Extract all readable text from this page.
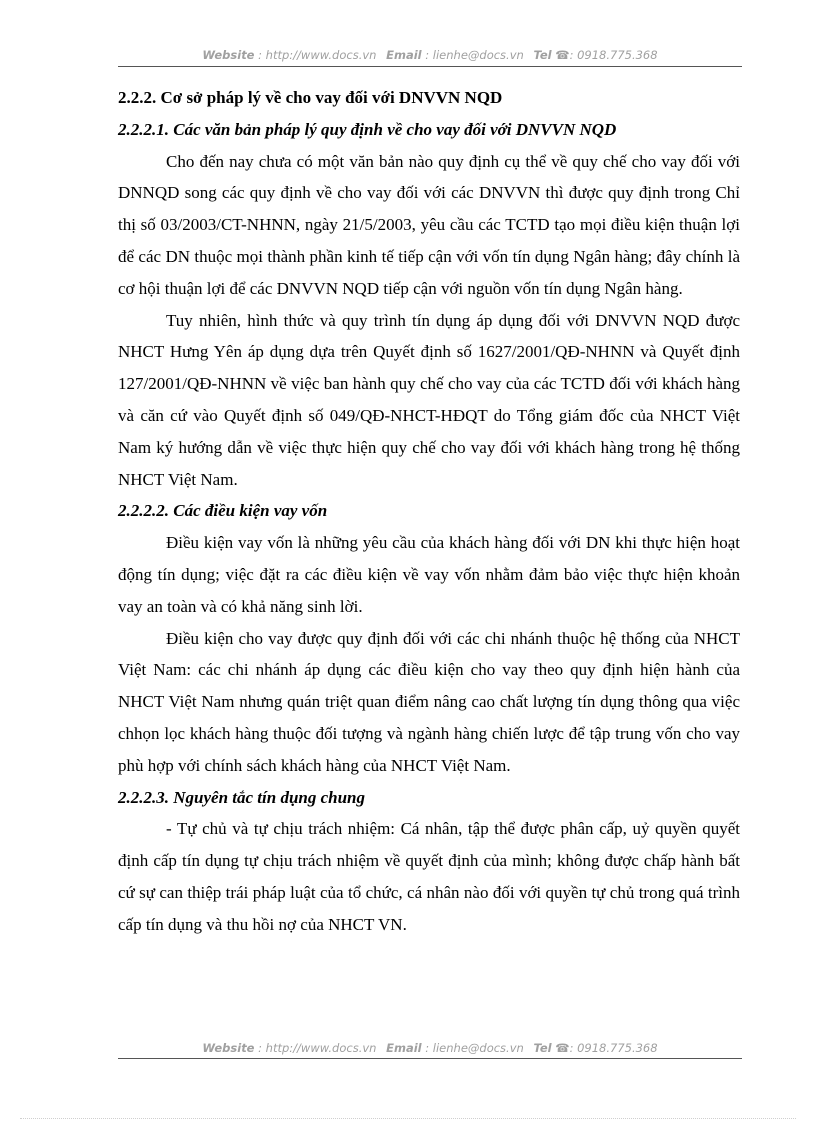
Website : http://www.docs.vn Email : lienhe@docs.vn Tel ☎: 0918.775.368
2.2.2. Cơ sở pháp lý về cho vay đối với DNVVN NQD
2.2.2.1. Các văn bản pháp lý quy định về cho vay đối với DNVVN NQD

Cho đến nay chưa có một văn bản nào quy định cụ thể về quy chế cho vay đối với DNNQD song các quy định về cho vay đối với các DNVVN thì được quy định trong Chỉ thị số 03/2003/CT-NHNN, ngày 21/5/2003, yêu cầu các TCTD tạo mọi điều kiện thuận lợi để các DN thuộc mọi thành phần kinh tế tiếp cận với vốn tín dụng Ngân hàng; đây chính là cơ hội thuận lợi để các DNVVN NQD tiếp cận với nguồn vốn tín dụng Ngân hàng.

Tuy nhiên, hình thức và quy trình tín dụng áp dụng đối với DNVVN NQD được NHCT Hưng Yên áp dụng dựa trên Quyết định số 1627/2001/QĐ-NHNN và Quyết định 127/2001/QĐ-NHNN về việc ban hành quy chế cho vay của các TCTD đối với khách hàng và căn cứ vào Quyết định số 049/QĐ-NHCT-HĐQT do Tổng giám đốc của NHCT Việt Nam ký hướng dẫn về việc thực hiện quy chế cho vay đối với khách hàng trong hệ thống NHCT Việt Nam.

2.2.2.2. Các điều kiện vay vốn

Điều kiện vay vốn là những yêu cầu của khách hàng đối với DN khi thực hiện hoạt động tín dụng; việc đặt ra các điều kiện về vay vốn nhằm đảm bảo việc thực hiện khoản vay an toàn và có khả năng sinh lời.

Điều kiện cho vay được quy định đối với các chi nhánh thuộc hệ thống của NHCT Việt Nam: các chi nhánh áp dụng các điều kiện cho vay theo quy định hiện hành của NHCT Việt Nam nhưng quán triệt quan điểm nâng cao chất lượng tín dụng thông qua việc chhọn lọc khách hàng thuộc đối tượng và ngành hàng chiến lược để tập trung vốn cho vay phù hợp với chính sách khách hàng của NHCT Việt Nam.

2.2.2.3. Nguyên tắc tín dụng chung

- Tự chủ và tự chịu trách nhiệm: Cá nhân, tập thể được phân cấp, uỷ quyền quyết định cấp tín dụng tự chịu trách nhiệm về quyết định của mình; không được chấp hành bất cứ sự can thiệp trái pháp luật của tổ chức, cá nhân nào đối với quyền tự chủ trong quá trình cấp tín dụng và thu hồi nợ của NHCT VN.

Website : http://www.docs.vn Email : lienhe@docs.vn Tel ☎: 0918.775.368
